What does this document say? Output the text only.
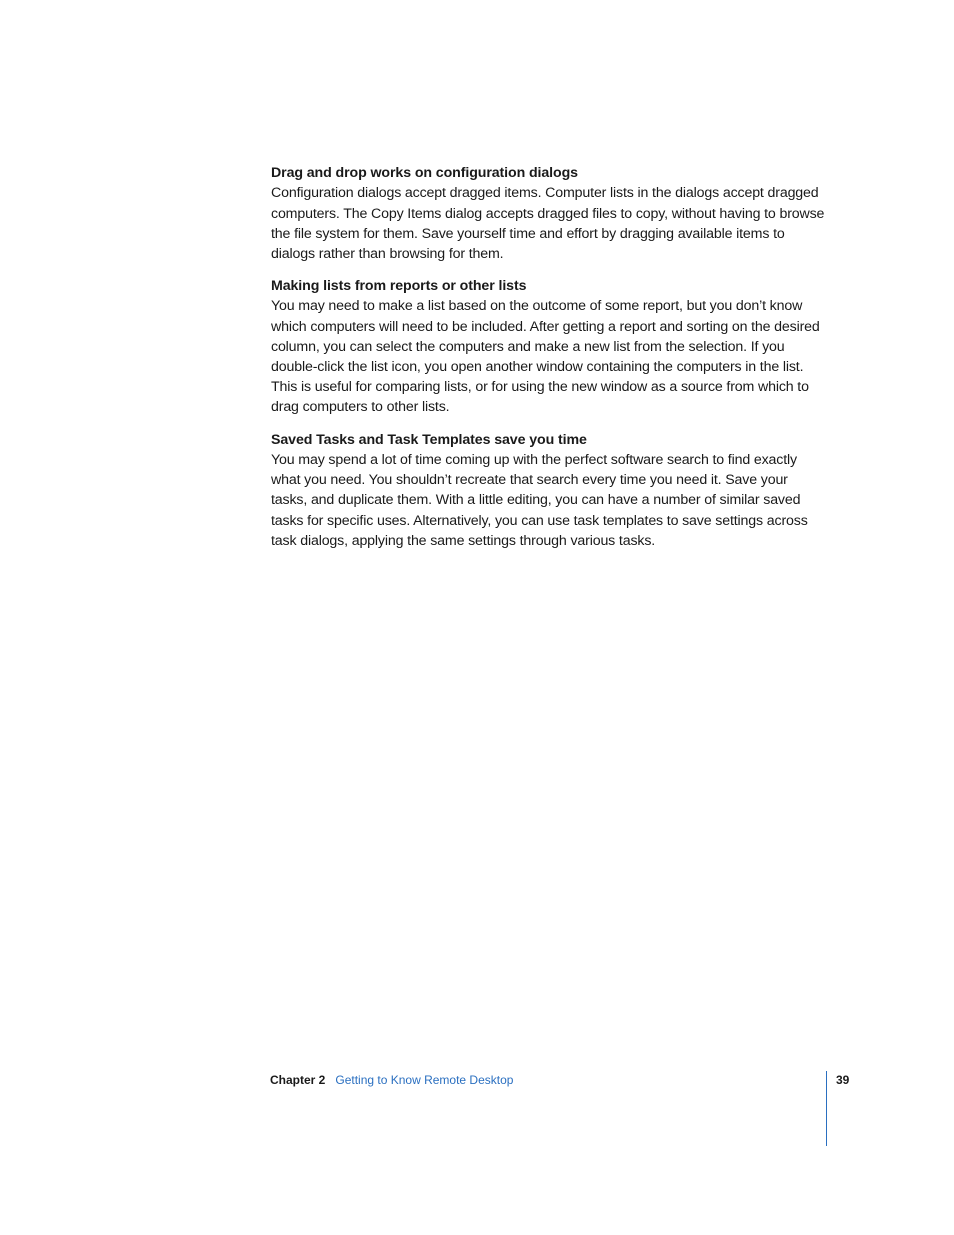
Drag and drop works on configuration dialogs

Configuration dialogs accept dragged items. Computer lists in the dialogs accept dragged computers. The Copy Items dialog accepts dragged files to copy, without having to browse the file system for them. Save yourself time and effort by dragging available items to dialogs rather than browsing for them.

Making lists from reports or other lists

You may need to make a list based on the outcome of some report, but you don’t know which computers will need to be included. After getting a report and sorting on the desired column, you can select the computers and make a new list from the selection. If you double-click the list icon, you open another window containing the computers in the list. This is useful for comparing lists, or for using the new window as a source from which to drag computers to other lists.

Saved Tasks and Task Templates save you time

You may spend a lot of time coming up with the perfect software search to find exactly what you need. You shouldn’t recreate that search every time you need it. Save your tasks, and duplicate them. With a little editing, you can have a number of similar saved tasks for specific uses. Alternatively, you can use task templates to save settings across task dialogs, applying the same settings through various tasks.

Chapter 2 Getting to Know Remote Desktop	39
